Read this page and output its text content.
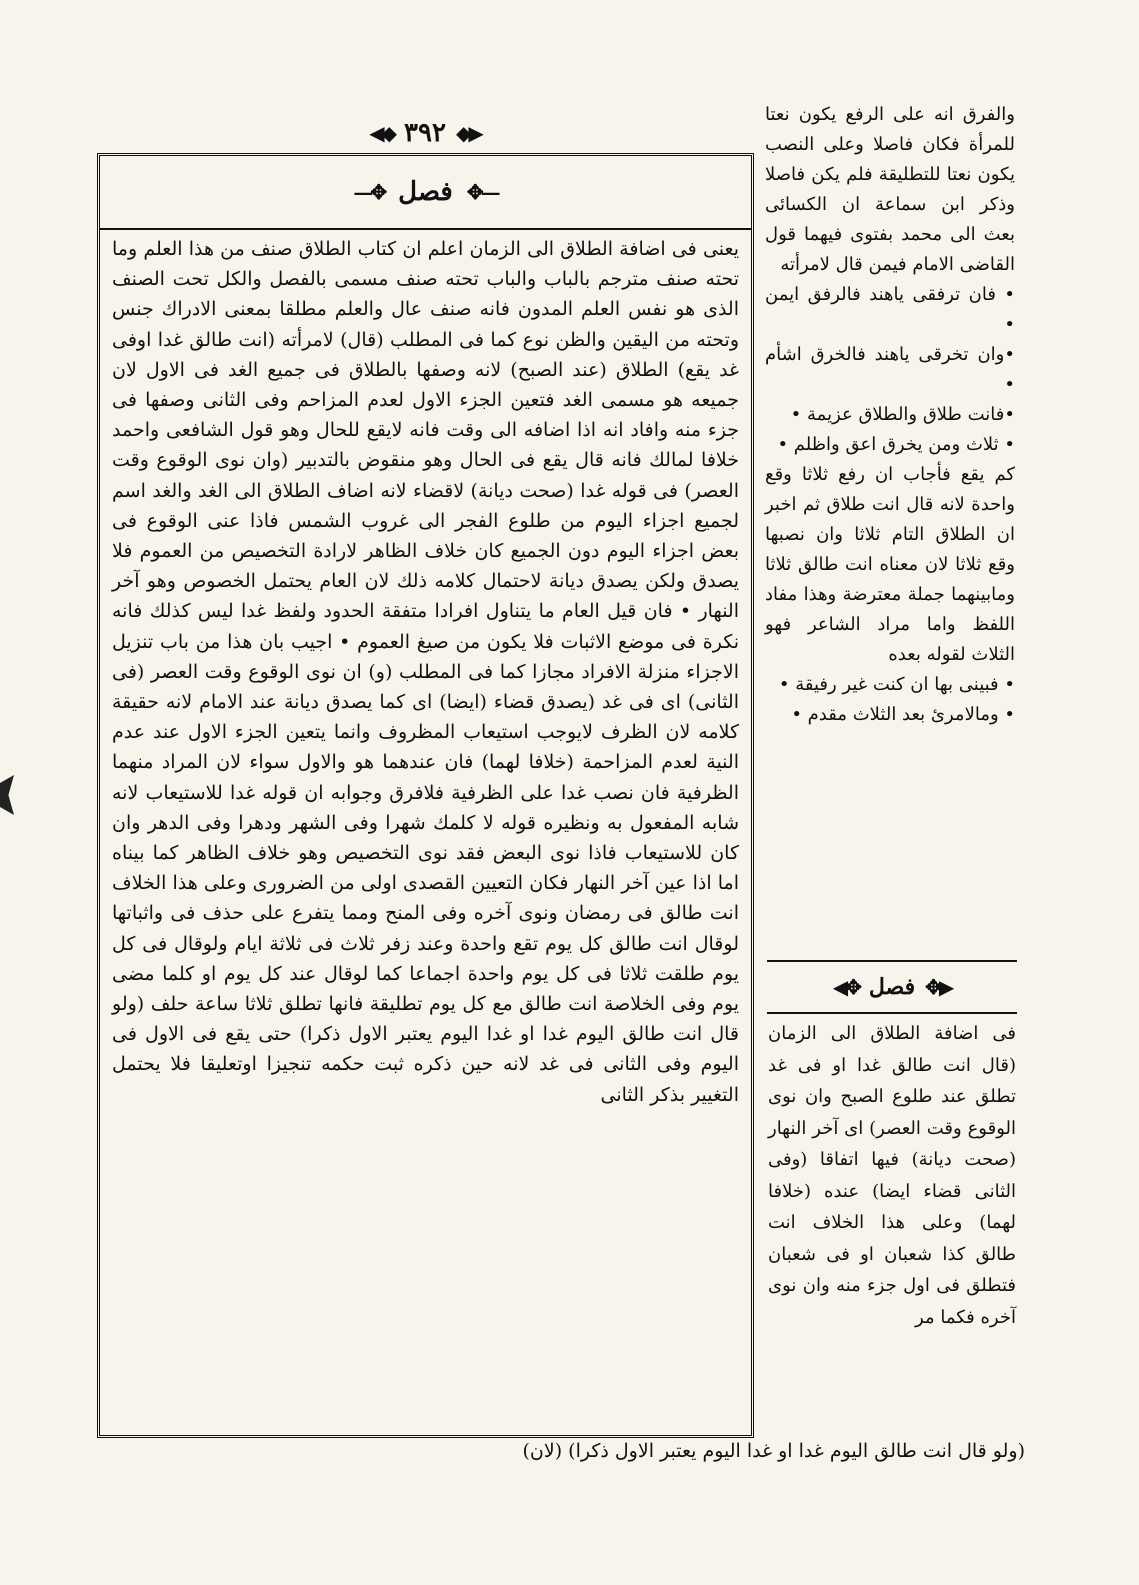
◀◆ ٣٩٢ ◆▶
—✥ فصل ✥—

يعنى فى اضافة الطلاق الى الزمان اعلم ان كتاب الطلاق صنف من هذا العلم وما تحته صنف مترجم بالباب والباب تحته صنف مسمى بالفصل والكل تحت الصنف الذى هو نفس العلم المدون فانه صنف عال والعلم مطلقا بمعنى الادراك جنس وتحته من اليقين والظن نوع كما فى المطلب (قال) لامرأته (انت طالق غدا اوفى غد يقع) الطلاق (عند الصبح) لانه وصفها بالطلاق فى جميع الغد فى الاول لان جميعه هو مسمى الغد فتعين الجزء الاول لعدم المزاحم وفى الثانى وصفها فى جزء منه وافاد انه اذا اضافه الى وقت فانه لايقع للحال وهو قول الشافعى واحمد خلافا لمالك فانه قال يقع فى الحال وهو منقوض بالتدبير (وان نوى الوقوع وقت العصر) فى قوله غدا (صحت ديانة) لاقضاء لانه اضاف الطلاق الى الغد والغد اسم لجميع اجزاء اليوم من طلوع الفجر الى غروب الشمس فاذا عنى الوقوع فى بعض اجزاء اليوم دون الجميع كان خلاف الظاهر لارادة التخصيص من العموم فلا يصدق ولكن يصدق ديانة لاحتمال كلامه ذلك لان العام يحتمل الخصوص وهو آخر النهار • فان قيل العام ما يتناول افرادا متفقة الحدود ولفظ غدا ليس كذلك فانه نكرة فى موضع الاثبات فلا يكون من صيغ العموم • اجيب بان هذا من باب تنزيل الاجزاء منزلة الافراد مجازا كما فى المطلب (و) ان نوى الوقوع وقت العصر (فى الثانى) اى فى غد (يصدق قضاء (ايضا) اى كما يصدق ديانة عند الامام لانه حقيقة كلامه لان الظرف لايوجب استيعاب المظروف وانما يتعين الجزء الاول عند عدم النية لعدم المزاحمة (خلافا لهما) فان عندهما هو والاول سواء لان المراد منهما الظرفية فان نصب غدا على الظرفية فلافرق وجوابه ان قوله غدا للاستيعاب لانه شابه المفعول به ونظيره قوله لا كلمك شهرا وفى الشهر ودهرا وفى الدهر وان كان للاستيعاب فاذا نوى البعض فقد نوى التخصيص وهو خلاف الظاهر كما بيناه اما اذا عين آخر النهار فكان التعيين القصدى اولى من الضرورى وعلى هذا الخلاف انت طالق فى رمضان ونوى آخره وفى المنح ومما يتفرع على حذف فى واثباتها لوقال انت طالق كل يوم تقع واحدة وعند زفر ثلاث فى ثلاثة ايام ولوقال فى كل يوم طلقت ثلاثا فى كل يوم واحدة اجماعا كما لوقال عند كل يوم او كلما مضى يوم وفى الخلاصة انت طالق مع كل يوم تطليقة فانها تطلق ثلاثا ساعة حلف (ولو قال انت طالق اليوم غدا او غدا اليوم يعتبر الاول ذكرا) حتى يقع فى الاول فى اليوم وفى الثانى فى غد لانه حين ذكره ثبت حكمه تنجيزا اوتعليقا فلا يحتمل التغيير بذكر الثانى

والفرق انه على الرفع يكون نعتا للمرأة فكان فاصلا وعلى النصب يكون نعتا للتطليقة فلم يكن فاصلا وذكر ابن سماعة ان الكسائى بعث الى محمد بفتوى فيهما قول القاضى الامام فيمن قال لامرأته

• فان ترفقى ياهند فالرفق ايمن •
•وان تخرقى ياهند فالخرق اشأم •
•فانت طلاق والطلاق عزيمة •
• ثلاث ومن يخرق اعق واظلم •

كم يقع فأجاب ان رفع ثلاثا وقع واحدة لانه قال انت طلاق ثم اخبر ان الطلاق التام ثلاثا وان نصبها وقع ثلاثا لان معناه انت طالق ثلاثا ومابينهما جملة معترضة وهذا مفاد اللفظ واما مراد الشاعر فهو الثلاث لقوله بعده

• فبينى بها ان كنت غير رفيقة •
• ومالامرئ بعد الثلاث مقدم •
◀✥ فصل ✥▶

فى اضافة الطلاق الى الزمان (قال انت طالق غدا او فى غد تطلق عند طلوع الصبح وان نوى الوقوع وقت العصر) اى آخر النهار (صحت ديانة) فيها اتفاقا (وفى الثانى قضاء ايضا) عنده (خلافا لهما) وعلى هذا الخلاف انت طالق كذا شعبان او فى شعبان فتطلق فى اول جزء منه وان نوى آخره فكما مر

(ولو قال انت طالق اليوم غدا او غدا اليوم يعتبر الاول ذكرا) (لان)
